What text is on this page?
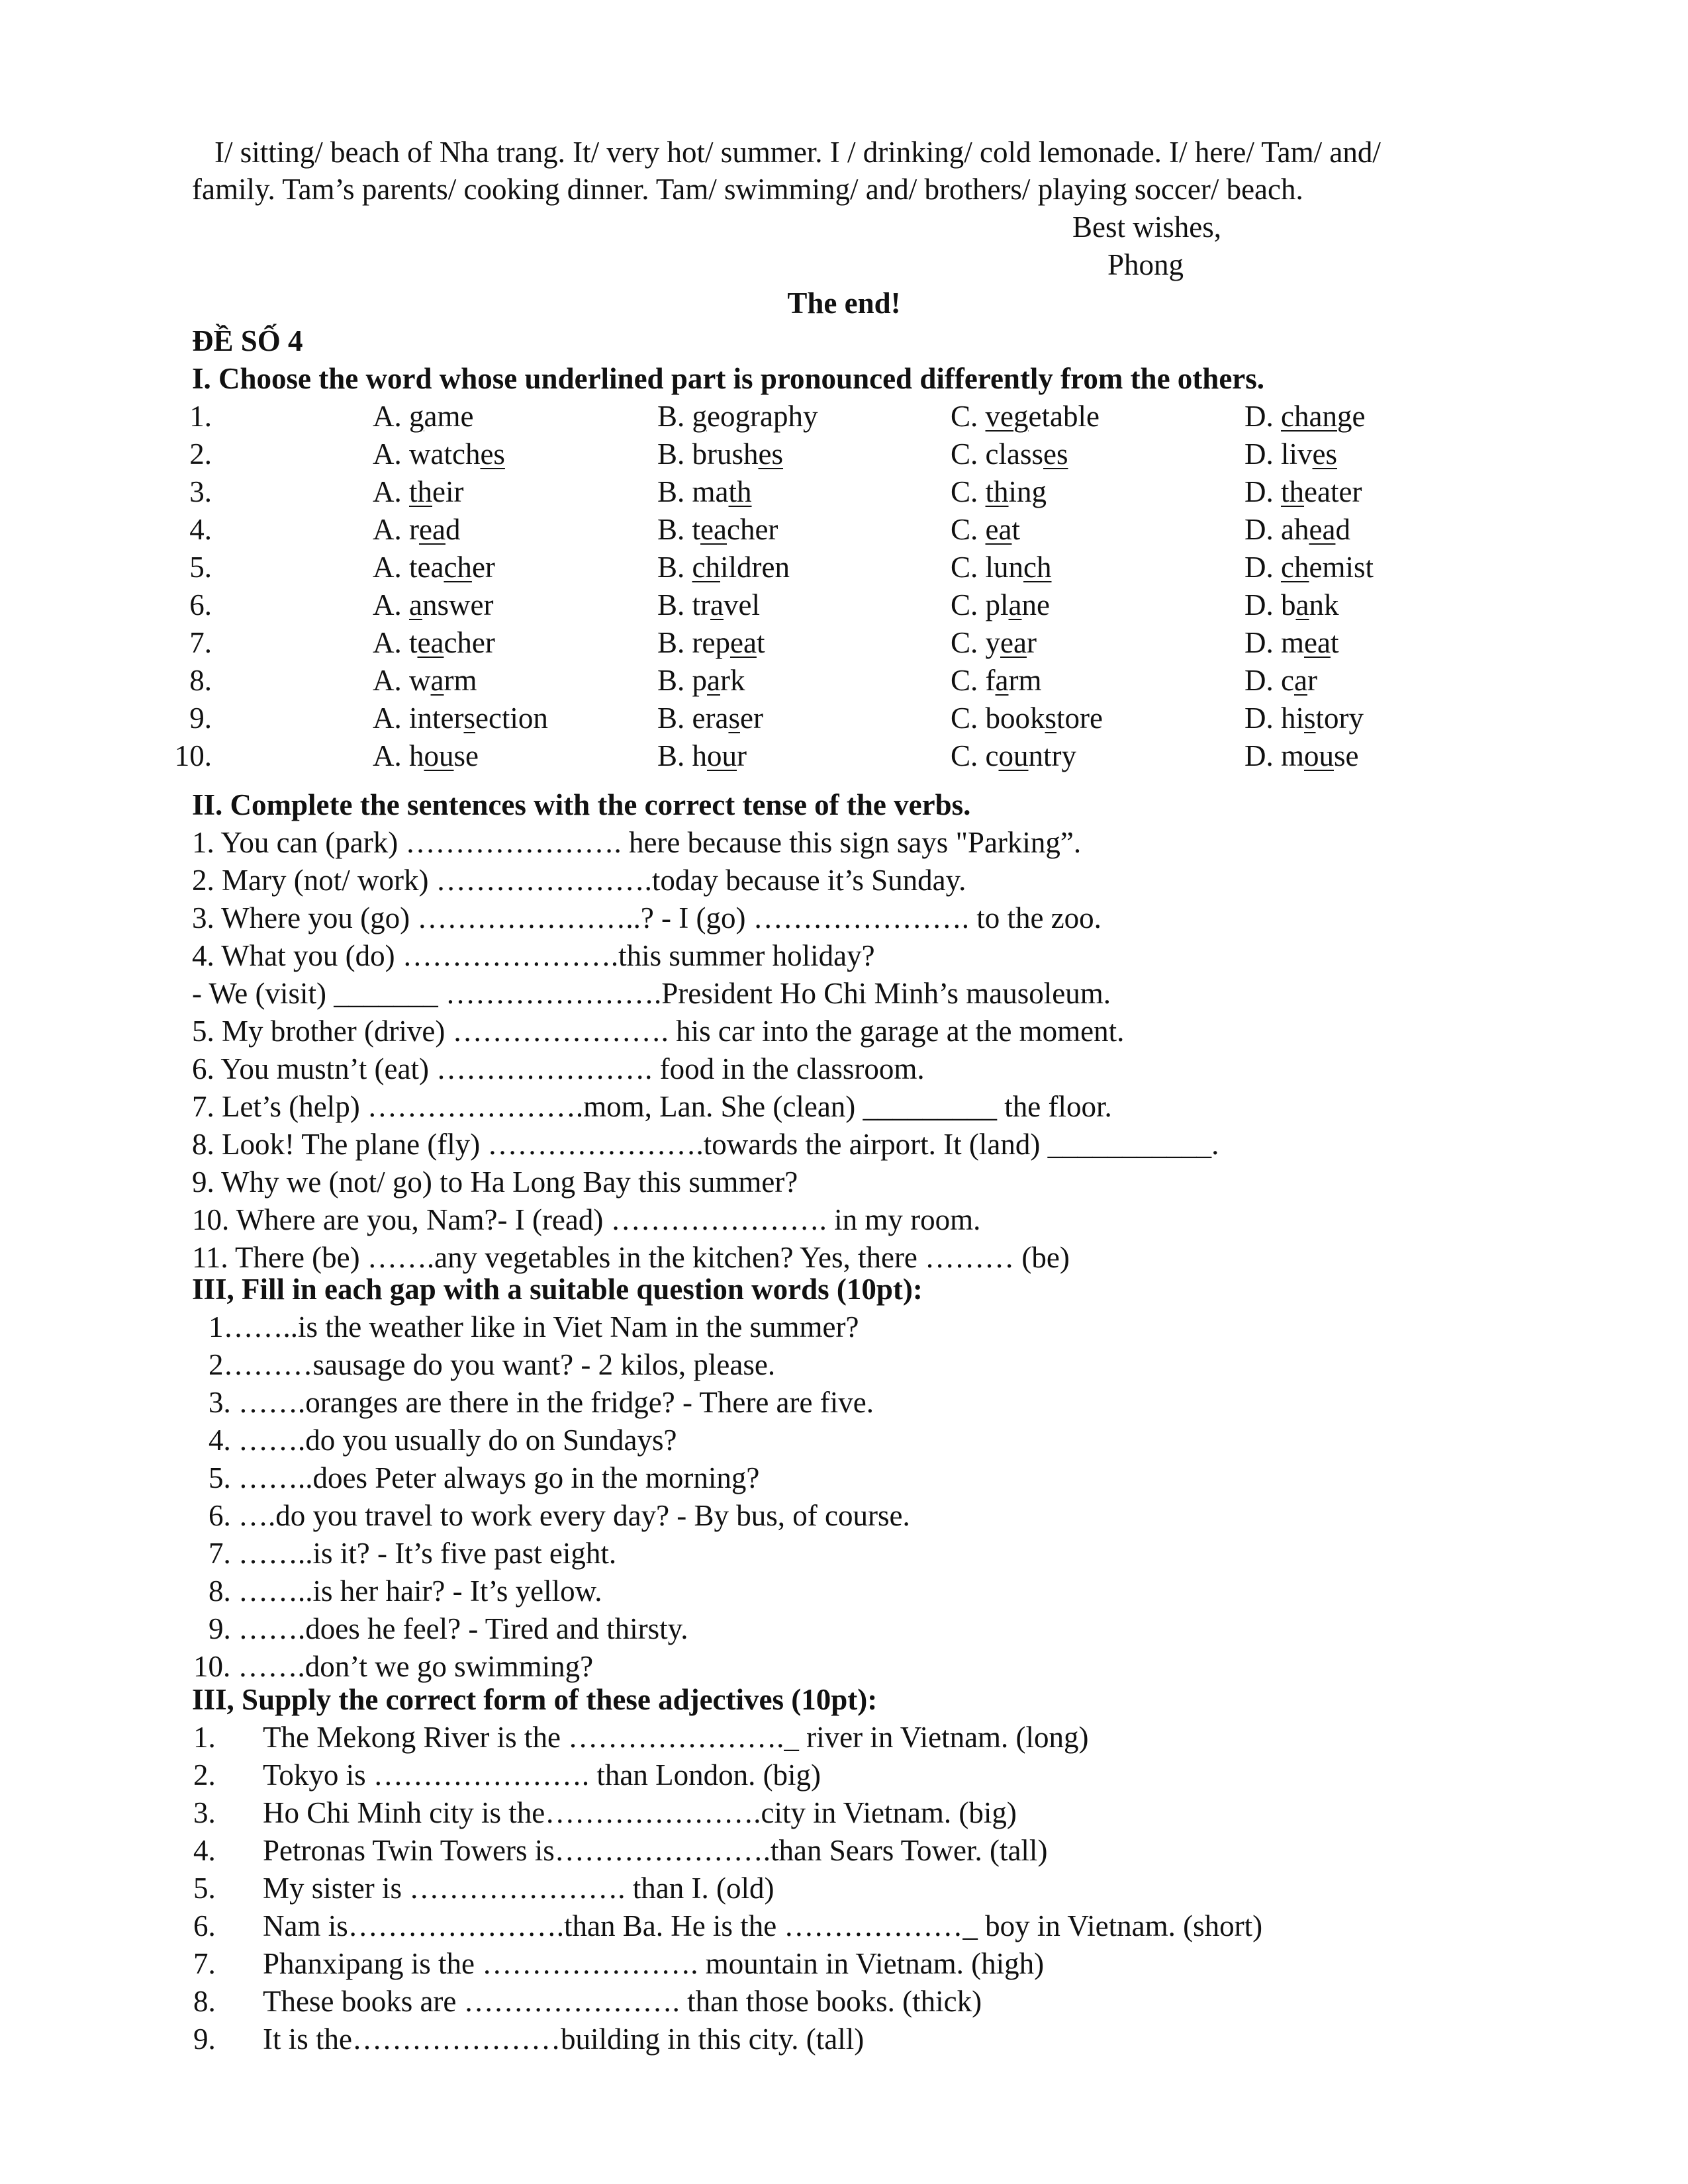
I/ sitting/ beach of Nha trang. It/ very hot/ summer. I / drinking/ cold lemonade. I/ here/ Tam/ and/
family. Tam’s parents/ cooking dinner. Tam/ swimming/ and/ brothers/ playing soccer/ beach.
Best wishes,
Phong
The end!
ĐỀ SỐ 4
I. Choose the word whose underlined part is pronounced differently from the others.
1.	A. game	B. geography	C. vegetable	D. change
2.	A. watches	B. brushes	C. classes	D. lives
3.	A. their	B. math	C. thing	D. theater
4.	A. read	B. teacher	C. eat	D. ahead
5.	A. teacher	B. children	C. lunch	D. chemist
6.	A. answer	B. travel	C. plane	D. bank
7.	A. teacher	B. repeat	C. year	D. meat
8.	A. warm	B. park	C. farm	D. car
9.	A. intersection	B. eraser	C. bookstore	D. history
10.	A. house	B. hour	C. country	D. mouse
II. Complete the sentences with the correct tense of the verbs.
1. You can (park) …………………. here because this sign says "Parking”.
2. Mary (not/ work) ………………….today because it’s Sunday.
3. Where you (go) …………………..? - I (go) …………………. to the zoo.
4. What you (do) ………………….this summer holiday?
- We (visit) _______ ………………….President Ho Chi Minh’s mausoleum.
5. My brother (drive) …………………. his car into the garage at the moment.
6. You mustn’t (eat) …………………. food in the classroom.
7. Let’s (help) ………………….mom, Lan. She (clean) _________ the floor.
8. Look! The plane (fly) ………………….towards the airport. It (land) ___________.
9. Why we (not/ go) to Ha Long Bay this summer?
10. Where are you, Nam?- I (read) …………………. in my room.
11. There (be) …….any vegetables in the kitchen? Yes, there ……… (be)
III, Fill in each gap with a suitable question words (10pt):
1……..is the weather like in Viet Nam in the summer?
2………sausage do you want? - 2 kilos, please.
3. …….oranges are there in the fridge? - There are five.
4. …….do you usually do on Sundays?
5. ……..does Peter always go in the morning?
6. ….do you travel to work every day? - By bus, of course.
7. ……..is it? - It’s five past eight.
8. ……..is her hair? - It’s yellow.
9. …….does he feel? - Tired and thirsty.
10. …….don’t we go swimming?
III, Supply the correct form of these adjectives (10pt):
1. The Mekong River is the …………………._ river in Vietnam. (long)
2. Tokyo is …………………. than London. (big)
3. Ho Chi Minh city is the………………….city in Vietnam. (big)
4. Petronas Twin Towers is………………….than Sears Tower. (tall)
5. My sister is …………………. than I. (old)
6. Nam is………………….than Ba. He is the ………………_ boy in Vietnam. (short)
7. Phanxipang is the …………………. mountain in Vietnam. (high)
8. These books are …………………. than those books. (thick)
9. It is the…………………building in this city. (tall)
